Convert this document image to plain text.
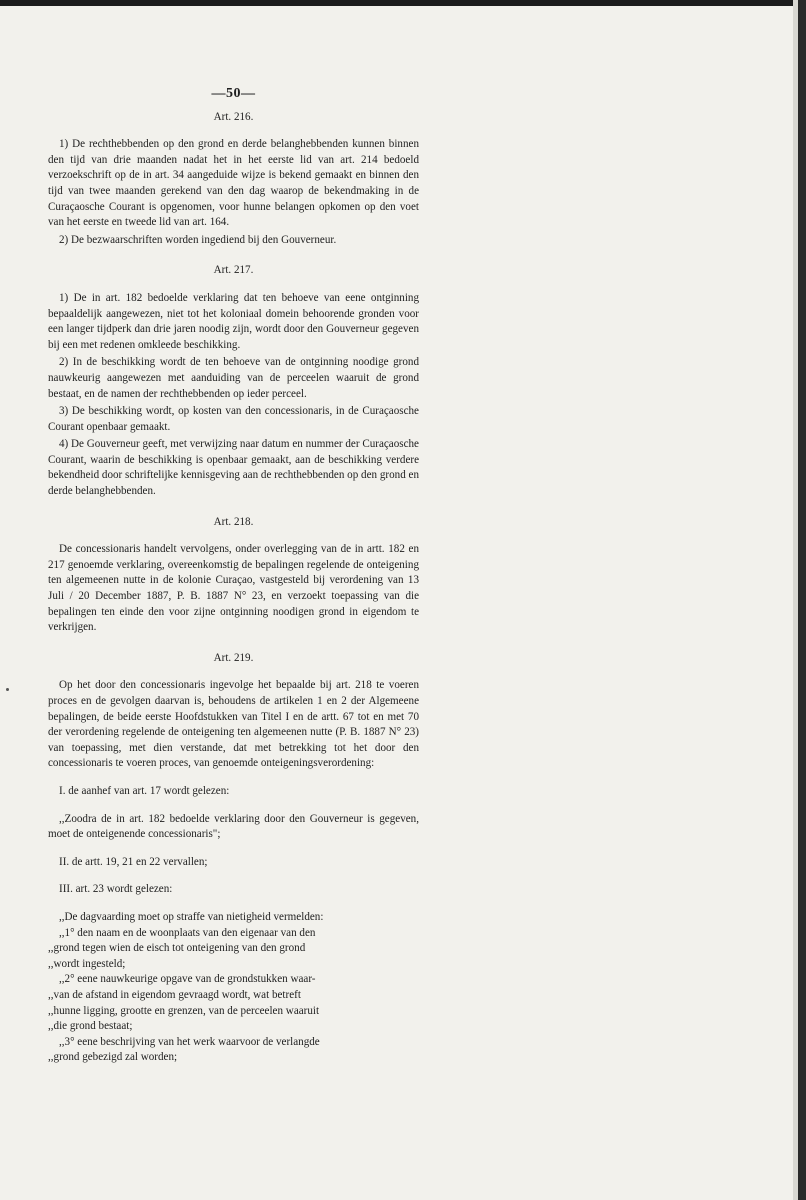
—50—
Art. 216.

1) De rechthebbenden op den grond en derde belanghebbenden kunnen binnen den tijd van drie maanden nadat het in het eerste lid van art. 214 bedoeld verzoekschrift op de in art. 34 aangeduide wijze is bekend gemaakt en binnen den tijd van twee maanden gerekend van den dag waarop de bekendmaking in de Curaçaosche Courant is opgenomen, voor hunne belangen opkomen op den voet van het eerste en tweede lid van art. 164.

2) De bezwaarschriften worden ingediend bij den Gouverneur.

Art. 217.

1) De in art. 182 bedoelde verklaring dat ten behoeve van eene ontginning bepaaldelijk aangewezen, niet tot het koloniaal domein behoorende gronden voor een langer tijdperk dan drie jaren noodig zijn, wordt door den Gouverneur gegeven bij een met redenen omkleede beschikking.

2) In de beschikking wordt de ten behoeve van de ontginning noodige grond nauwkeurig aangewezen met aanduiding van de perceelen waaruit de grond bestaat, en de namen der rechthebbenden op ieder perceel.

3) De beschikking wordt, op kosten van den concessionaris, in de Curaçaosche Courant openbaar gemaakt.

4) De Gouverneur geeft, met verwijzing naar datum en nummer der Curaçaosche Courant, waarin de beschikking is openbaar gemaakt, aan de beschikking verdere bekendheid door schriftelijke kennisgeving aan de rechthebbenden op den grond en derde belanghebbenden.

Art. 218.

De concessionaris handelt vervolgens, onder overlegging van de in artt. 182 en 217 genoemde verklaring, overeenkomstig de bepalingen regelende de onteigening ten algemeenen nutte in de kolonie Curaçao, vastgesteld bij verordening van 13 Juli / 20 December 1887, P. B. 1887 N° 23, en verzoekt toepassing van die bepalingen ten einde den voor zijne ontginning noodigen grond in eigendom te verkrijgen.

Art. 219.

Op het door den concessionaris ingevolge het bepaalde bij art. 218 te voeren proces en de gevolgen daarvan is, behoudens de artikelen 1 en 2 der Algemeene bepalingen, de beide eerste Hoofdstukken van Titel I en de artt. 67 tot en met 70 der verordening regelende de onteigening ten algemeenen nutte (P. B. 1887 N° 23) van toepassing, met dien verstande, dat met betrekking tot het door den concessionaris te voeren proces, van genoemde onteigeningsverordening:

I. de aanhef van art. 17 wordt gelezen:

,,Zoodra de in art. 182 bedoelde verklaring door den Gouverneur is gegeven, moet de onteigenende concessionaris";

II. de artt. 19, 21 en 22 vervallen;

III. art. 23 wordt gelezen:

,,De dagvaarding moet op straffe van nietigheid vermelden:

,,1° den naam en de woonplaats van den eigenaar van den

,,grond tegen wien de eisch tot onteigening van den grond

,,wordt ingesteld;

,,2° eene nauwkeurige opgave van de grondstukken waar-

,,van de afstand in eigendom gevraagd wordt, wat betreft

,,hunne ligging, grootte en grenzen, van de perceelen waaruit

,,die grond bestaat;

,,3° eene beschrijving van het werk waarvoor de verlangde

,,grond gebezigd zal worden;
